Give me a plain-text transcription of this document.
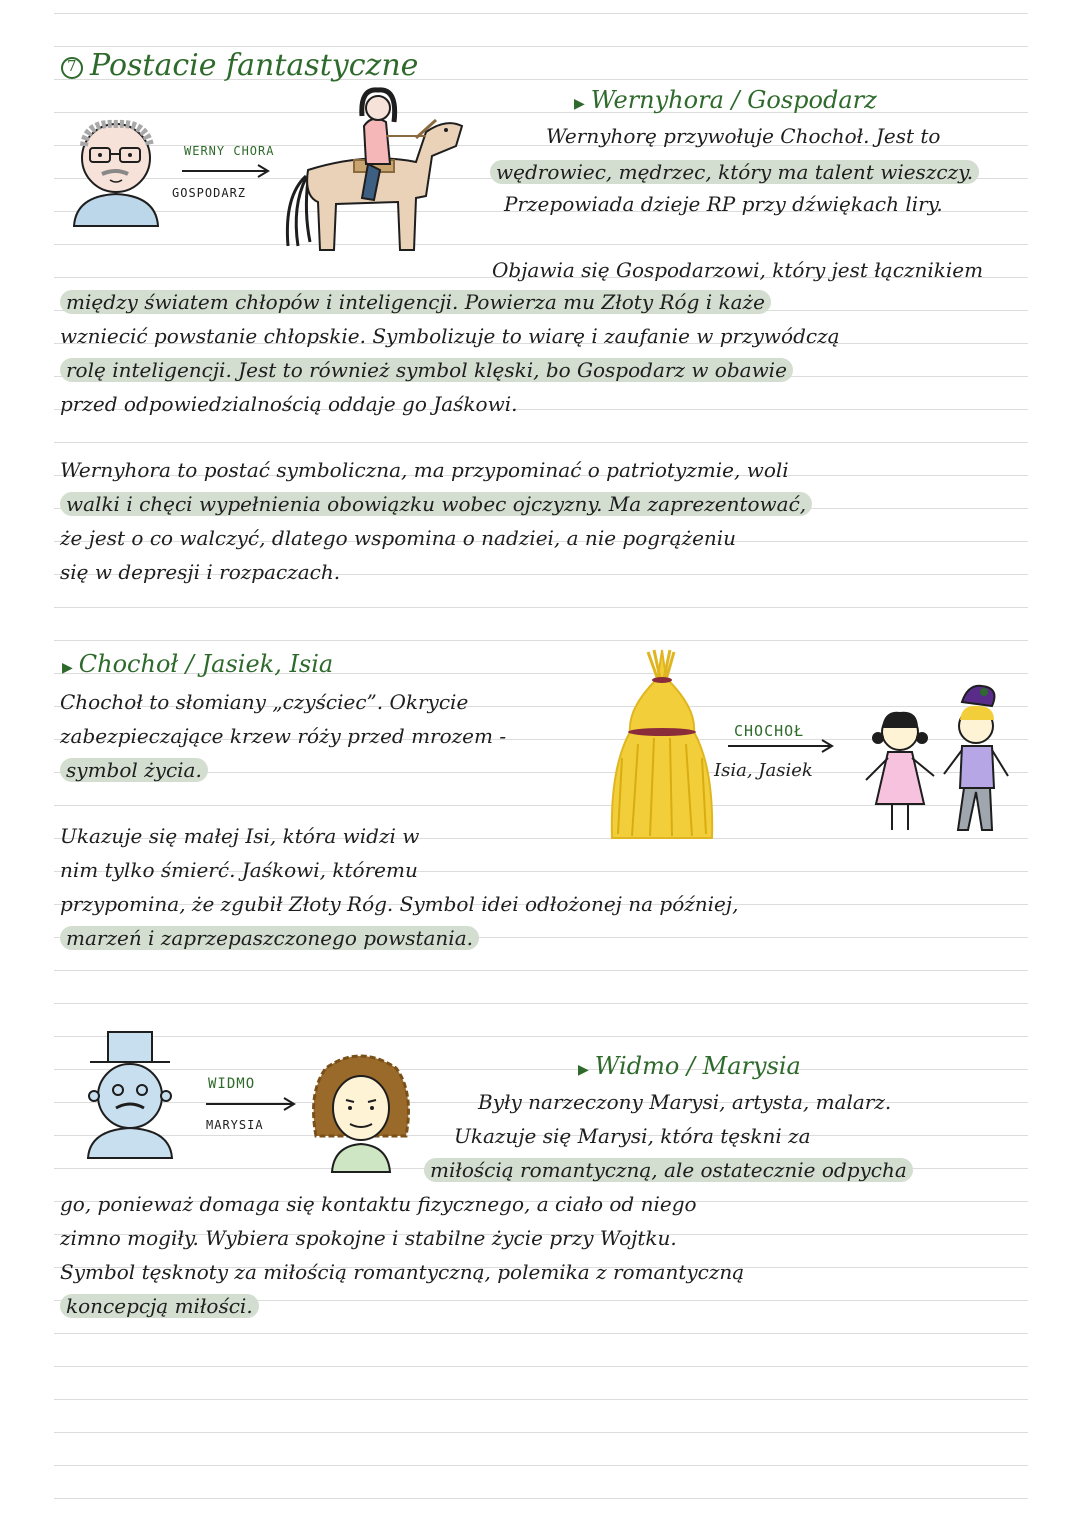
7 Postacie fantastyczne
WERNY CHORA
GOSPODARZ
▶ Wernyhora / Gospodarz
Wernyhorę przywołuje Chochoł. Jest to
wędrowiec, mędrzec, który ma talent wieszczy.
Przepowiada dzieje RP przy dźwiękach liry.
Objawia się Gospodarzowi, który jest łącznikiem
między światem chłopów i inteligencji. Powierza mu Złoty Róg i każe
wzniecić powstanie chłopskie. Symbolizuje to wiarę i zaufanie w przywódczą
rolę inteligencji. Jest to również symbol klęski, bo Gospodarz w obawie
przed odpowiedzialnością oddaje go Jaśkowi.
Wernyhora to postać symboliczna, ma przypominać o patriotyzmie, woli
walki i chęci wypełnienia obowiązku wobec ojczyzny. Ma zaprezentować,
że jest o co walczyć, dlatego wspomina o nadziei, a nie pogrążeniu
się w depresji i rozpaczach.
▶ Chochoł / Jasiek, Isia
Chochoł to słomiany „czyściec”. Okrycie
zabezpieczające krzew róży przed mrozem -
symbol życia.
Ukazuje się małej Isi, która widzi w
nim tylko śmierć. Jaśkowi, któremu
przypomina, że zgubił Złoty Róg. Symbol idei odłożonej na później,
marzeń i zaprzepaszczonego powstania.
CHOCHOŁ
Isia, Jasiek
WIDMO
MARYSIA
▶ Widmo / Marysia
Były narzeczony Marysi, artysta, malarz.
Ukazuje się Marysi, która tęskni za
miłością romantyczną, ale ostatecznie odpycha
go, ponieważ domaga się kontaktu fizycznego, a ciało od niego
zimno mogiły. Wybiera spokojne i stabilne życie przy Wojtku.
Symbol tęsknoty za miłością romantyczną, polemika z romantyczną
koncepcją miłości.
